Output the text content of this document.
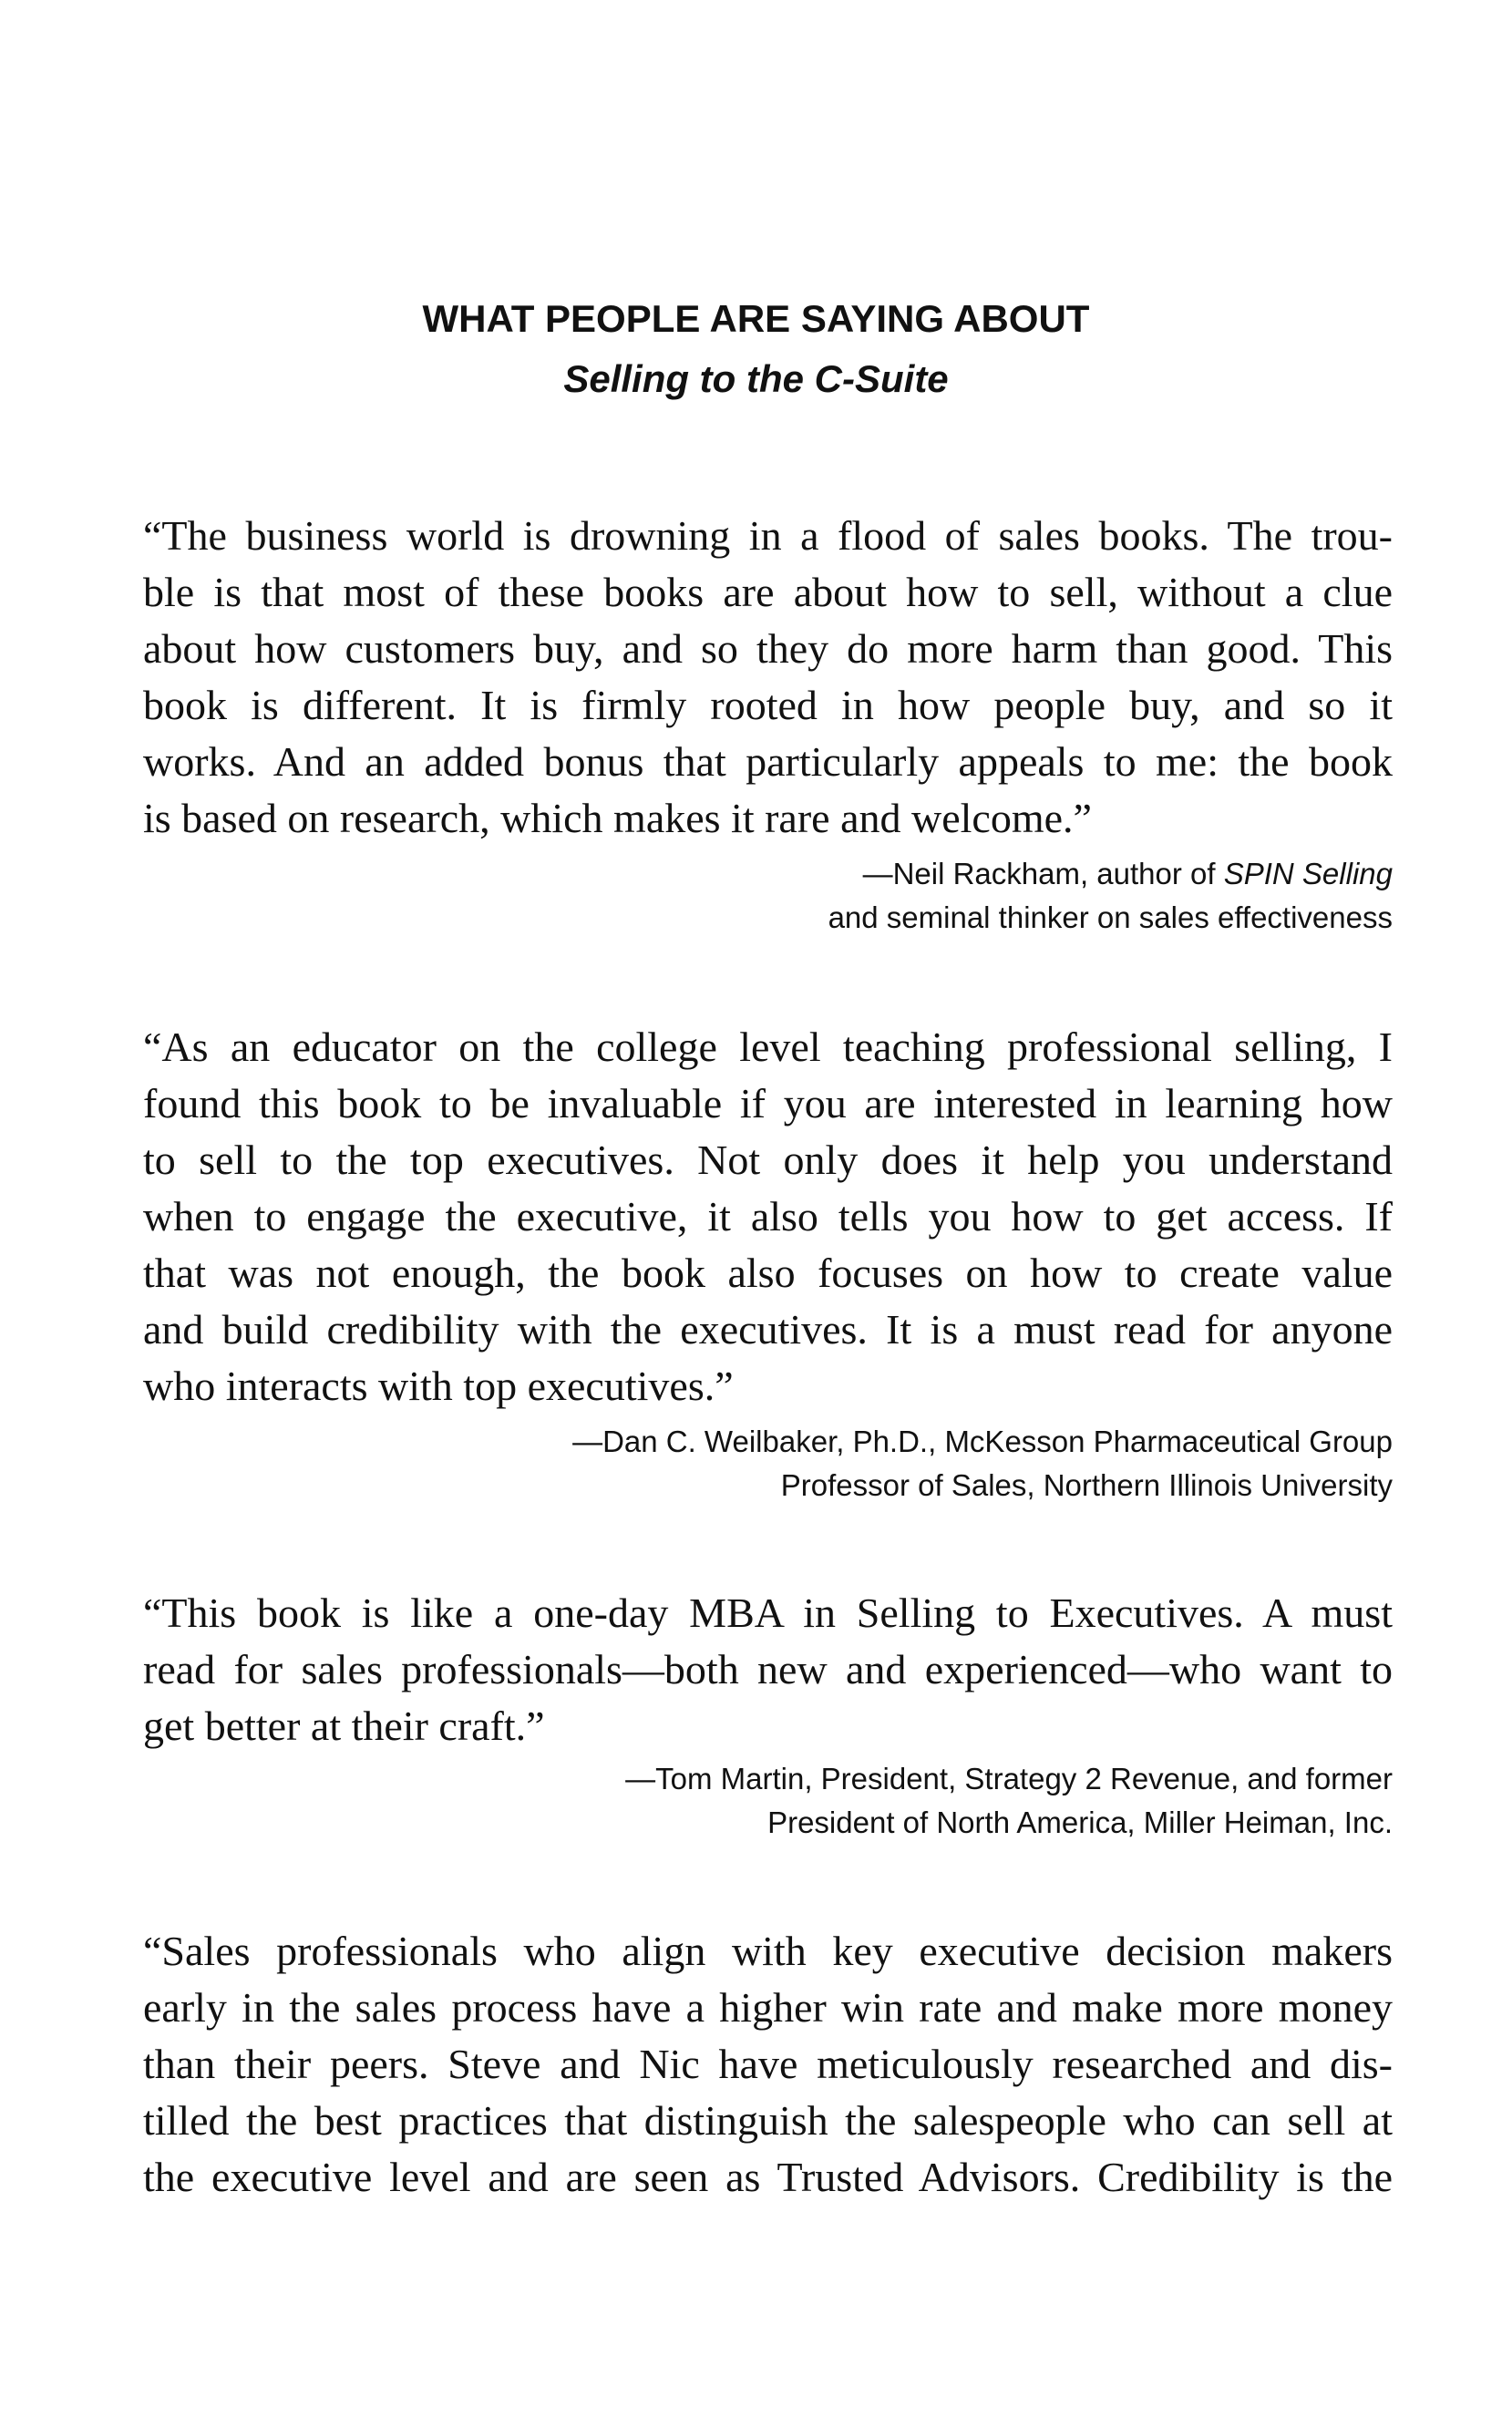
WHAT PEOPLE ARE SAYING ABOUT
Selling to the C-Suite
“The business world is drowning in a flood of sales books. The trou-
ble is that most of these books are about how to sell, without a clue
about how customers buy, and so they do more harm than good. This
book is different. It is firmly rooted in how people buy, and so it
works. And an added bonus that particularly appeals to me: the book
is based on research, which makes it rare and welcome.”
—Neil Rackham, author of SPIN Selling
and seminal thinker on sales effectiveness
“As an educator on the college level teaching professional selling, I
found this book to be invaluable if you are interested in learning how
to sell to the top executives. Not only does it help you understand
when to engage the executive, it also tells you how to get access. If
that was not enough, the book also focuses on how to create value
and build credibility with the executives. It is a must read for anyone
who interacts with top executives.”
—Dan C. Weilbaker, Ph.D., McKesson Pharmaceutical Group
Professor of Sales, Northern Illinois University
“This book is like a one-day MBA in Selling to Executives. A must
read for sales professionals—both new and experienced—who want to
get better at their craft.”
—Tom Martin, President, Strategy 2 Revenue, and former
President of North America, Miller Heiman, Inc.
“Sales professionals who align with key executive decision makers
early in the sales process have a higher win rate and make more money
than their peers. Steve and Nic have meticulously researched and dis-
tilled the best practices that distinguish the salespeople who can sell at
the executive level and are seen as Trusted Advisors. Credibility is the
